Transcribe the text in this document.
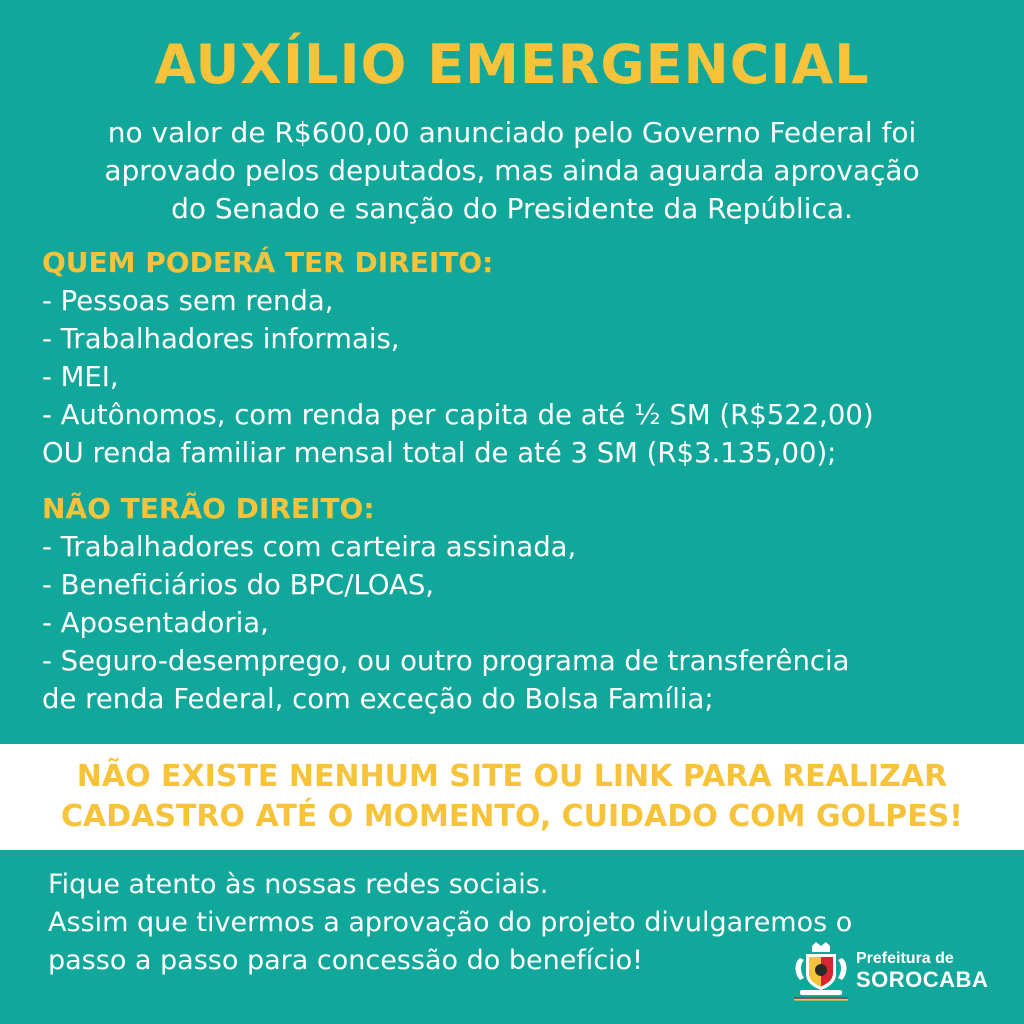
AUXÍLIO EMERGENCIAL
no valor de R$600,00 anunciado pelo Governo Federal foi
aprovado pelos deputados, mas ainda aguarda aprovação
do Senado e sanção do Presidente da República.
QUEM PODERÁ TER DIREITO:
- Pessoas sem renda,
- Trabalhadores informais,
- MEI,
- Autônomos, com renda per capita de até ½ SM (R$522,00)
OU renda familiar mensal total de até 3 SM (R$3.135,00);
NÃO TERÃO DIREITO:
- Trabalhadores com carteira assinada,
- Beneficiários do BPC/LOAS,
- Aposentadoria,
- Seguro-desemprego, ou outro programa de transferência
de renda Federal, com exceção do Bolsa Família;
NÃO EXISTE NENHUM SITE OU LINK PARA REALIZAR
CADASTRO ATÉ O MOMENTO, CUIDADO COM GOLPES!
Fique atento às nossas redes sociais.
Assim que tivermos a aprovação do projeto divulgaremos o
passo a passo para concessão do benefício!	Prefeitura de
SOROCABA
